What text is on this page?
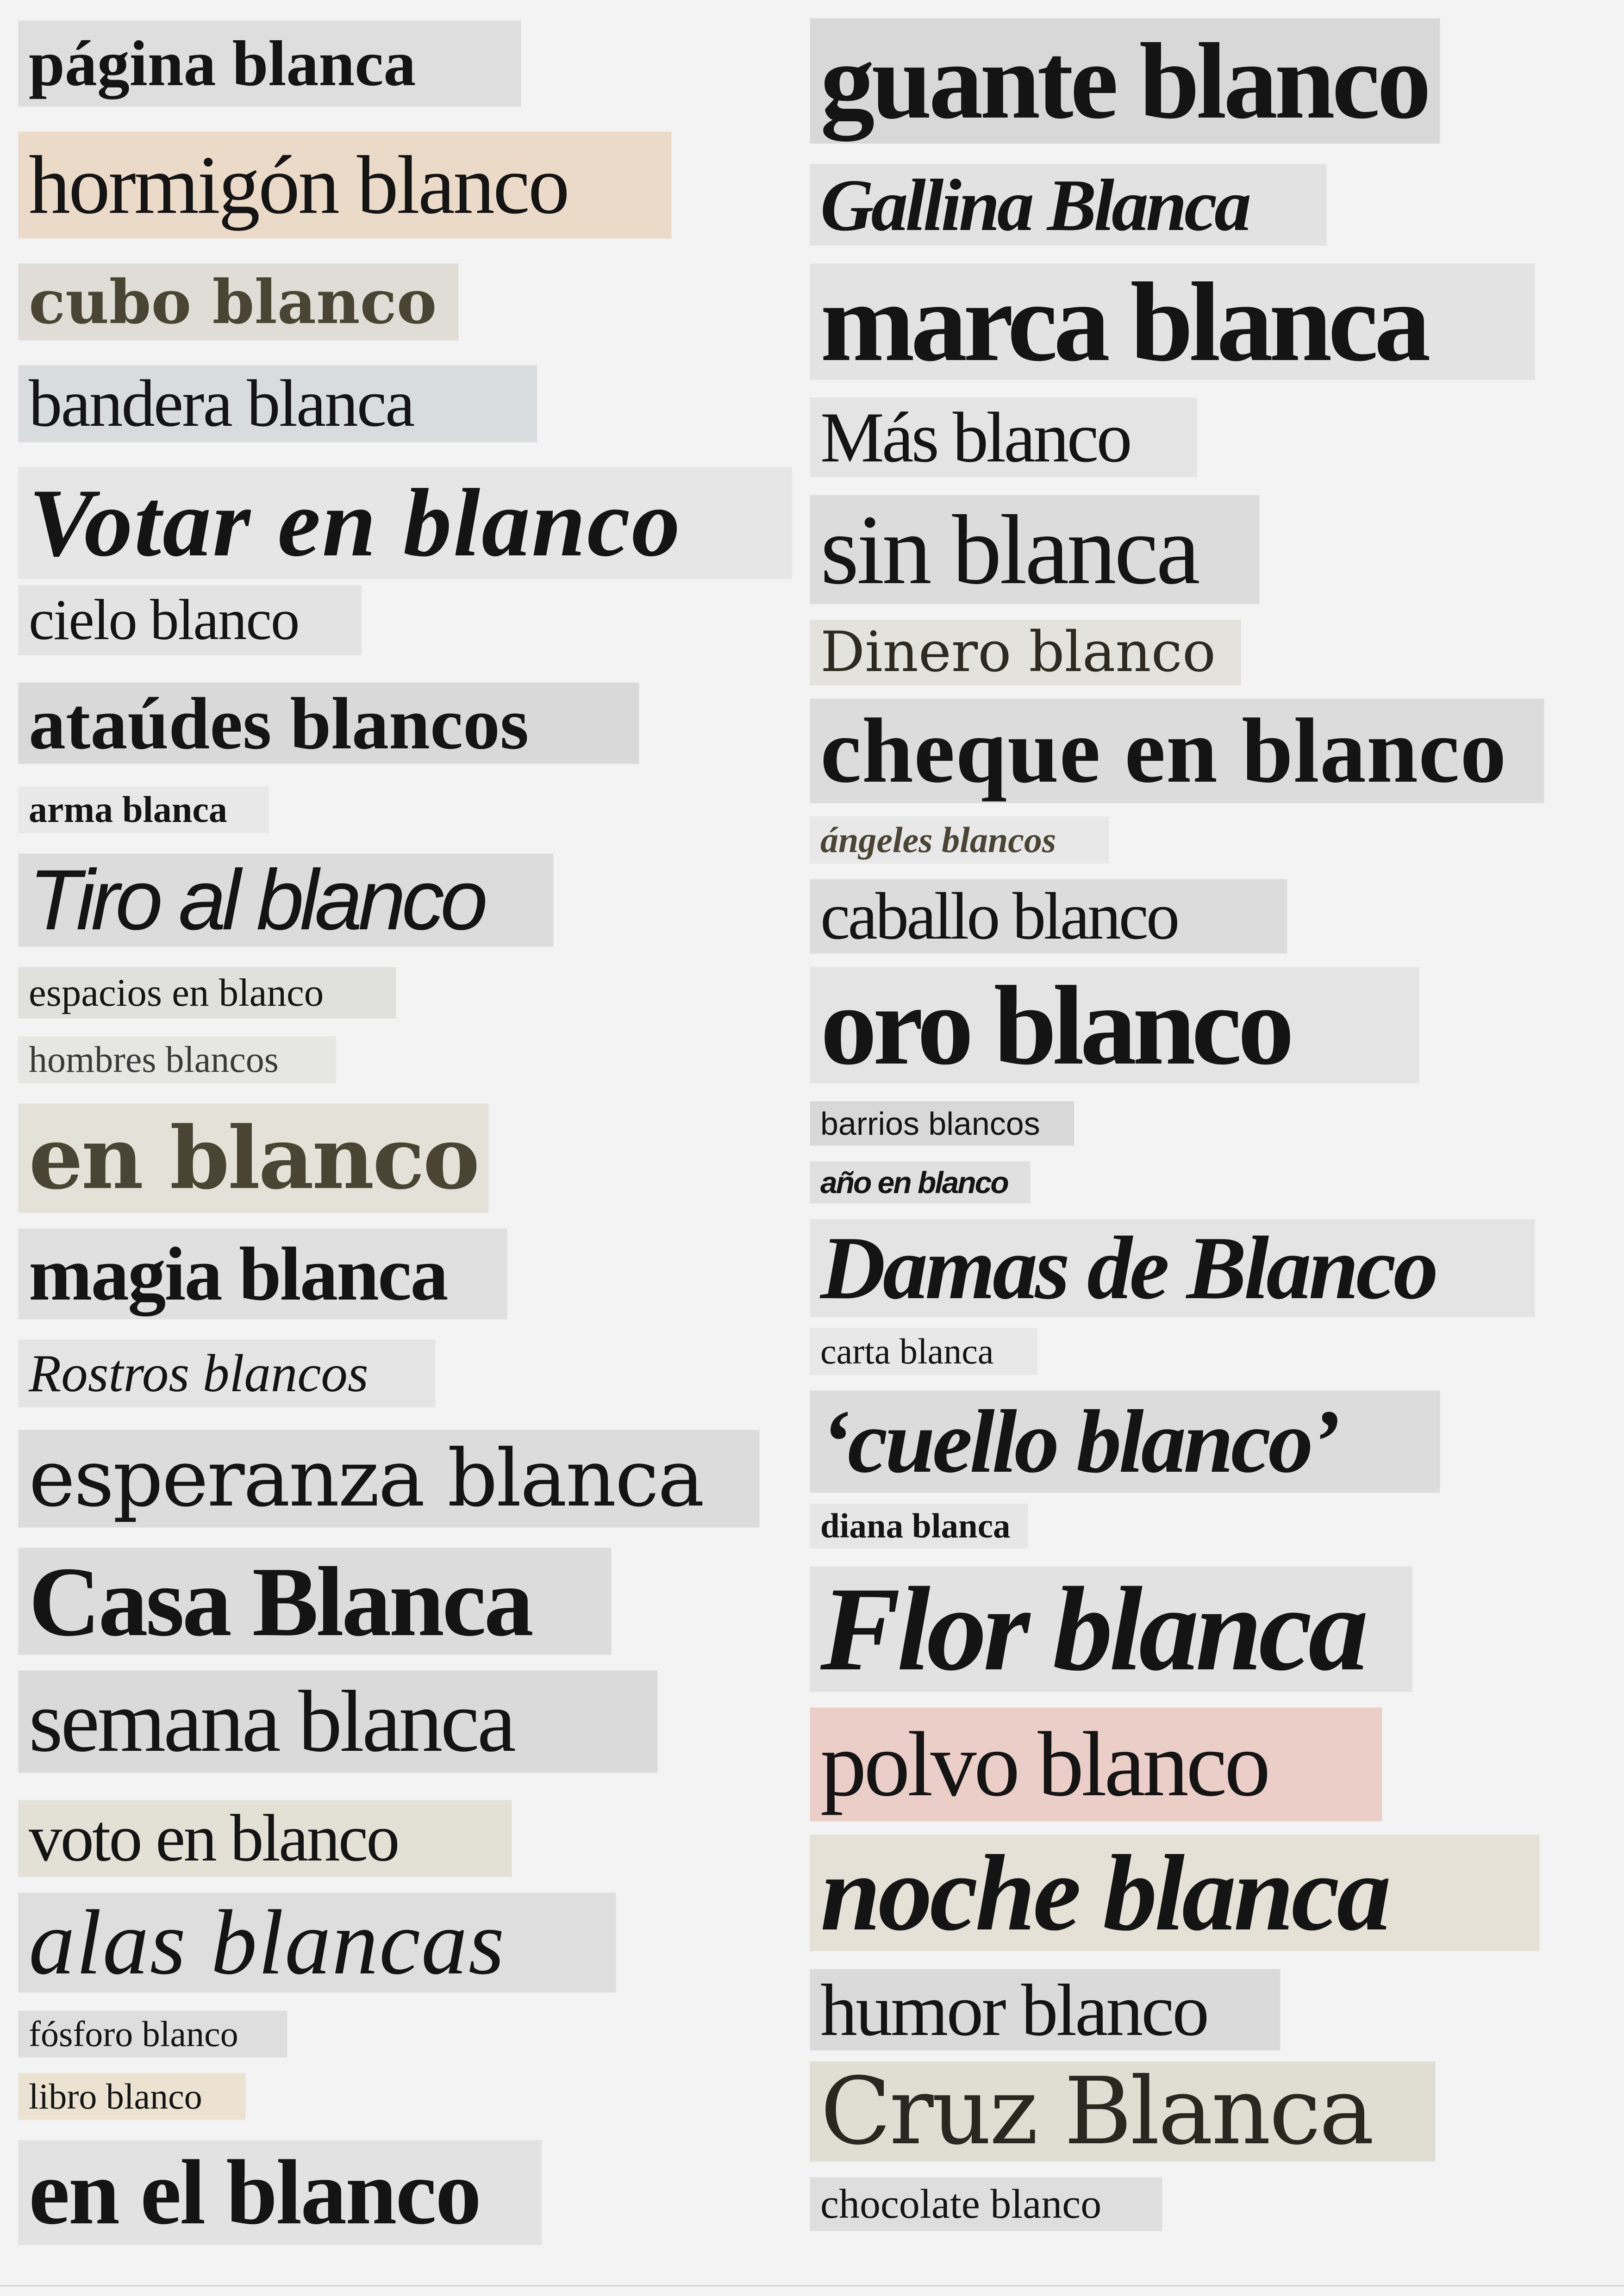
página blanca
hormigón blanco
cubo blanco
bandera blanca
Votar en blanco
cielo blanco
ataúdes blancos
arma blanca
Tiro al blanco
espacios en blanco
hombres blancos
en blanco
magia blanca
Rostros blancos
esperanza blanca
Casa Blanca
semana blanca
voto en blanco
alas blancas
fósforo blanco
libro blanco
en el blanco
guante blanco
Gallina Blanca
marca blanca
Más blanco
sin blanca
Dinero blanco
cheque en blanco
ángeles blancos
caballo blanco
oro blanco
barrios blancos
año en blanco
Damas de Blanco
carta blanca
‘cuello blanco’
diana blanca
Flor blanca
polvo blanco
noche blanca
humor blanco
Cruz Blanca
chocolate blanco
